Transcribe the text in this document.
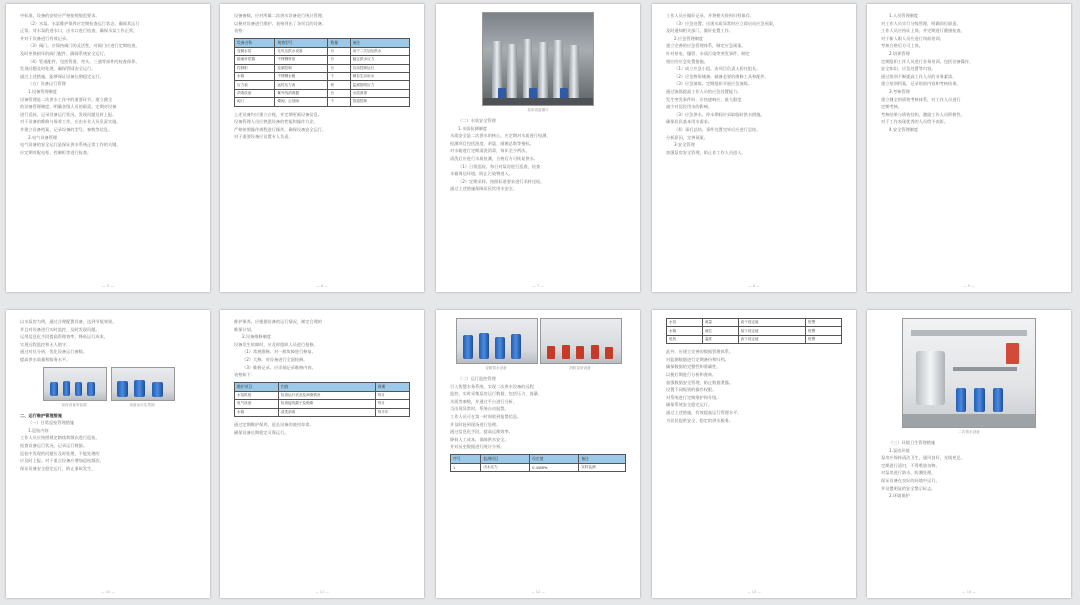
中标准。设备的安装应严格按照规范要求。
（2）水泵。水泵维护保养应定期检查运行状态，确保其运行
正常。对水泵的进水口、出水口进行检查，确保水泵工作正常，
并对于设备进行有效记录。
（3）阀门。应保持阀门的灵活性，对阀门应进行定期检查，
及时更换损坏的阀门配件，确保系统安全运行。
（4）管道配件。包括管道、弯头、三通等部件的检查保养，
发现问题及时处理，确保管网安全运行。
通过上述措施，能够保证设备长期稳定运行。
（五）设备运行管理
1.设备管理制度
设备管理是二次供水工作中的重要环节，建立健全
的设备管理制度，明确各级人员的职责。定期对设备
进行巡检，记录设备运行状况，发现问题及时上报。
对于设备的维修与保养工作，应由专业人员负责实施。
并建立设备档案，记录设备的型号、参数等信息。
2.电气设备管理
电气设备的安全运行是保证供水系统正常工作的关键。
应定期对配电柜、控制柜等进行检查。
— 5 —
设备参数。应对所属二次供水设备进行统计管理，
以便对设备进行维护。表格列出了各项目的设备。
表格：
设备名称	规格型号	数量	备注
变频水泵	无负压供水设备	台	用于二次加压供水
稳流补偿器	不锈钢材质	台	稳定供水压力
控制柜	变频控制	台	自动控制运行
水箱	不锈钢水箱	个	储存生活用水
压力表	远传压力表	块	监测管网压力
消毒设备	紫外线消毒器	台	水质消毒
阀门	蝶阀、止回阀	个	管道控制
上述设备均应建立台账，并定期更新设备信息。
设备管理人员应熟悉设备的性能和操作方法，
严格按照操作规程进行操作，确保设备安全运行。
对于重要设备应设置专人负责。
— 6 —
泵房设备图片
（二）水质安全管理
1.水质检测制度
水质安全是二次供水的核心，应定期对水质进行检测，
检测项目包括浊度、余氯、细菌总数等指标。
对水箱进行定期清洗消毒，每年至少两次。
清洗后应进行水质检测，合格后方可恢复供水。
（1）日常巡检。每日对泵房进行巡查，检查
水箱周边环境，防止污染物进入。
（2）定期采样。按照标准要求进行采样送检。
通过上述措施保障居民饮用水安全。
— 7 —
工作人员应做好记录，并将相关资料归档保存。
（3）应急处置。出现水质异常时应立即启动应急预案，
及时通知相关部门，做好处置工作。
2.应急管理制度
建立完善的应急管理体系，制定应急预案。
针对停电、爆管、水质污染等突发事件，制定
相应的应急处置措施。
（1）成立应急小组。由项目负责人担任组长。
（2）应急物资储备。储备必要的维修工具和配件。
（3）应急演练。定期组织开展应急演练。
通过演练提高工作人员的应急处置能力。
发生突发事件时，应快速响应，最大限度
减少对居民用水的影响。
（3）应急供水。停水期间应采取临时供水措施。
确保居民基本用水需求。
（4）事后总结。事件处置完毕后应进行总结。
分析原因，完善预案。
3.安全管理
加强泵房安全管理，防止非工作人员进入。
— 8 —
1.人员管理制度
对工作人员实行分级管理，明确岗位职责。
工作人员应持证上岗，并定期进行健康检查。
对于新入职人员应进行岗前培训。
考核合格后方可上岗。
2.培训管理
定期组织工作人员进行业务培训，包括设备操作、
安全知识、应急处置等内容。
通过培训不断提高工作人员的业务素质。
建立培训档案，记录培训内容和考核结果。
3.考核管理
建立健全的绩效考核体系，对工作人员进行
定期考核。
考核结果与绩效挂钩，激励工作人员积极性。
对于工作表现优秀的人员给予表彰。
4.安全管理制度
— 9 —
以水泵房为例，通过合理配置设备，达到节能效果。
并且对设备进行实时监控，及时发现问题。
运用信息化手段提高管理效率，降低运行成本。
实现远程监控和无人值守。
通过对比分析，优化设备运行参数。
提高供水质量和服务水平。
泵房设备安装图	设备运行实景图
二、运行维护管理措施
（一）日常巡检管理措施
1.巡检内容
工作人员应按照规定路线和频次进行巡检，
检查设备运行状况，记录运行数据。
巡检中发现的问题应及时处理，不能处理的
应及时上报。对于重点设备应增加巡检频次。
保证设备安全稳定运行，防止事故发生。
— 10 —
维护保养。应根据设备的运行情况，制定合理的
维保计划。
2.设备维修制度
设备发生故障时，应及时组织人员进行抢修。
（1）常规维修。对一般故障进行修复。
（2）大修。对设备进行全面检修。
（3）维修记录。应详细记录维修内容。
表格如下：
维护项目	内容	周期
水泵机组	检查运行状况及润滑情况	每月
电气设备	检查接线端子及绝缘	每月
水箱	清洗消毒	每半年
通过定期维护保养，延长设备的使用寿命。
确保设备长期稳定可靠运行。
— 11 —
变频供水设备	消防泵房设备
（二）运行监控管理
引入智慧水务系统，实现二次供水设备的远程
监控。实时采集泵房运行数据，包括压力、流量、
水质等参数，并通过平台进行分析。
当出现异常时，系统自动报警。
工作人员可在第一时间收到报警信息。
并及时赶到现场进行处理。
通过信息化手段，提高运维效率。
降低人工成本，保障供水安全。
并对历史数据进行统计分析。
序号	监测项目	设定值	备注
1	出水压力	0.45MPa	实时监测
— 12 —
水泵	流量	高于设定值	报警
水箱	液位	低于设定值	报警
电机	温度	高于设定值	报警
此外，应建立完善的数据管理体系。
对监测数据进行定期备份和归档。
确保数据的完整性和准确性。
以便后期进行分析和查询。
加强数据安全管理，防止数据泄露。
设置不同级别的操作权限。
对系统进行定期维护和升级。
确保系统安全稳定运行。
通过上述措施，有效提高运行管理水平。
为居民提供安全、稳定的供水服务。
— 13 —
二次供水设备
（三）环境卫生管理措施
1.泵房环境
泵房应保持清洁卫生，通风良好，光线充足。
定期进行清扫，不得堆放杂物。
对泵房进行防水、防潮处理。
保证设备在良好的环境中运行。
并设置明显的安全警示标志。
2.环境保护
— 14 —
